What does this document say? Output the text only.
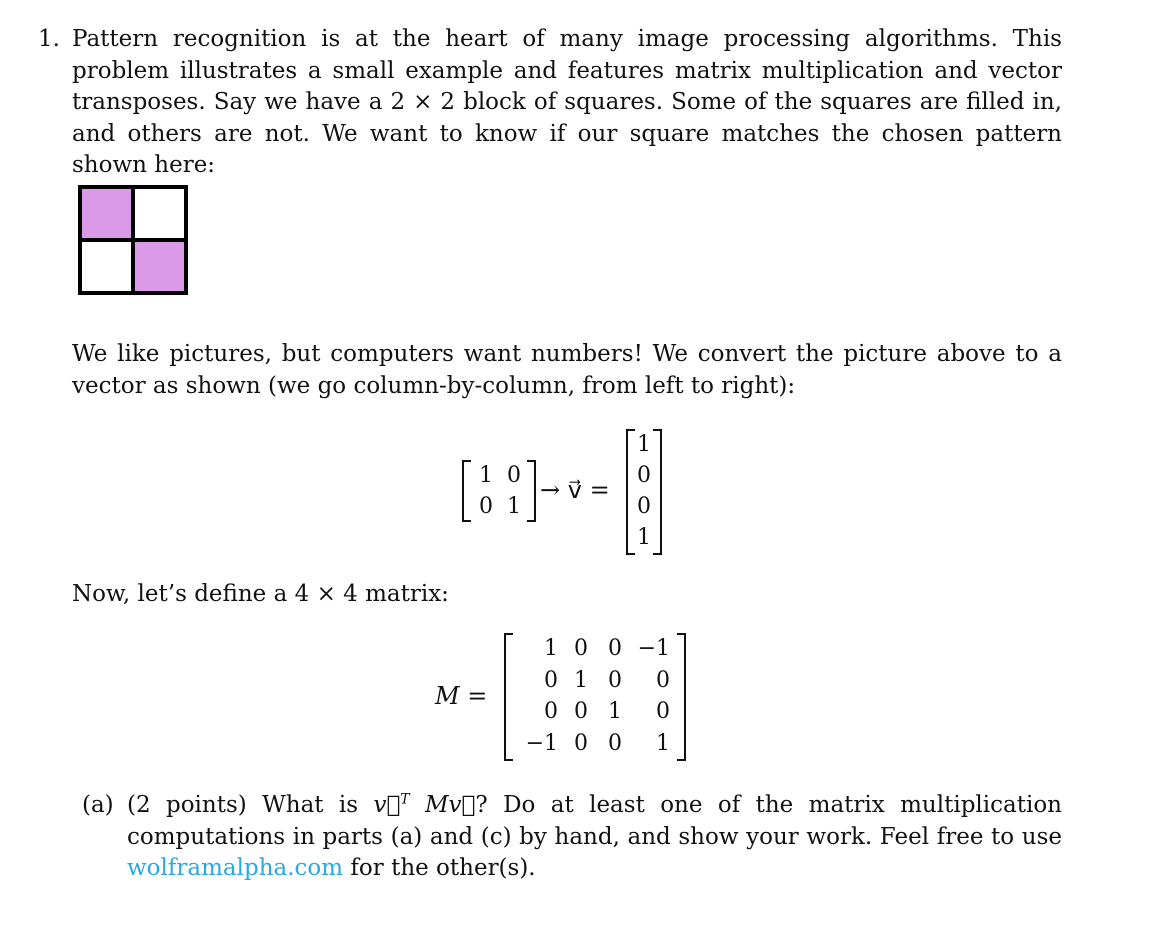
1. Pattern recognition is at the heart of many image processing algorithms. This problem illustrates a small example and features matrix multiplication and vector transposes. Say we have a 2 × 2 block of squares. Some of the squares are filled in, and others are not. We want to know if our square matches the chosen pattern shown here:
We like pictures, but computers want numbers! We convert the picture above to a vector as shown (we go column-by-column, from left to right):
1	0
0	1
→ v⃗ =
1
0
0
1
Now, let’s define a 4 × 4 matrix:
M =
1	0	0	−1
0	1	0	0
0	0	1	0
−1	0	0	1
(a) (2 points) What is v⃗$^T$ Mv⃗? Do at least one of the matrix multiplication computations in parts (a) and (c) by hand, and show your work. Feel free to use wolframalpha.com for the other(s).
